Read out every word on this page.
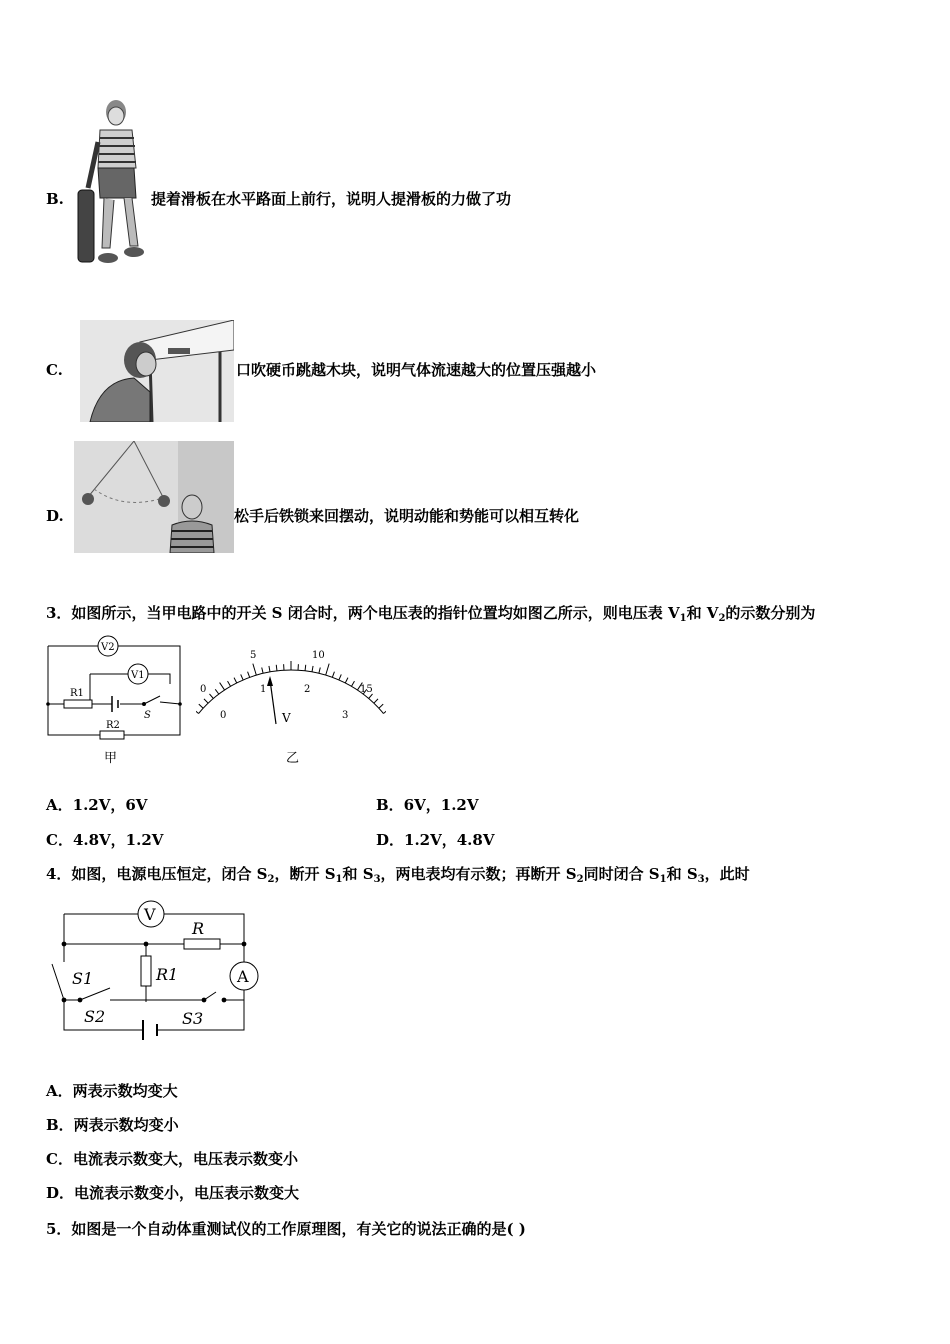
B.	提着滑板在水平路面上前行，说明人提滑板的力做了功
C.	口吹硬币跳越木块，说明气体流速越大的位置压强越小
D.	松手后铁锁来回摆动，说明动能和势能可以相互转化
3．如图所示，当甲电路中的开关 S 闭合时，两个电压表的指针位置均如图乙所示，则电压表 $V_1$和 $V_2$的示数分别为
V2
V1
R1
S
R2
甲
0
5	10
15
0
1	2
3
V
乙
A．1.2V，6V	B．6V，1.2V
C．4.8V，1.2V	D．1.2V，4.8V
4．如图，电源电压恒定，闭合 $S_2$，断开 $S_1$和 $S_3$，两电表均有示数；再断开 $S_2$同时闭合 $S_1$和 $S_3$，此时
V
R
A
S1	R1
S2	S3
A．两表示数均变大
B．两表示数均变小
C．电流表示数变大，电压表示数变小
D．电流表示数变小，电压表示数变大
5．如图是一个自动体重测试仪的工作原理图，有关它的说法正确的是( )
